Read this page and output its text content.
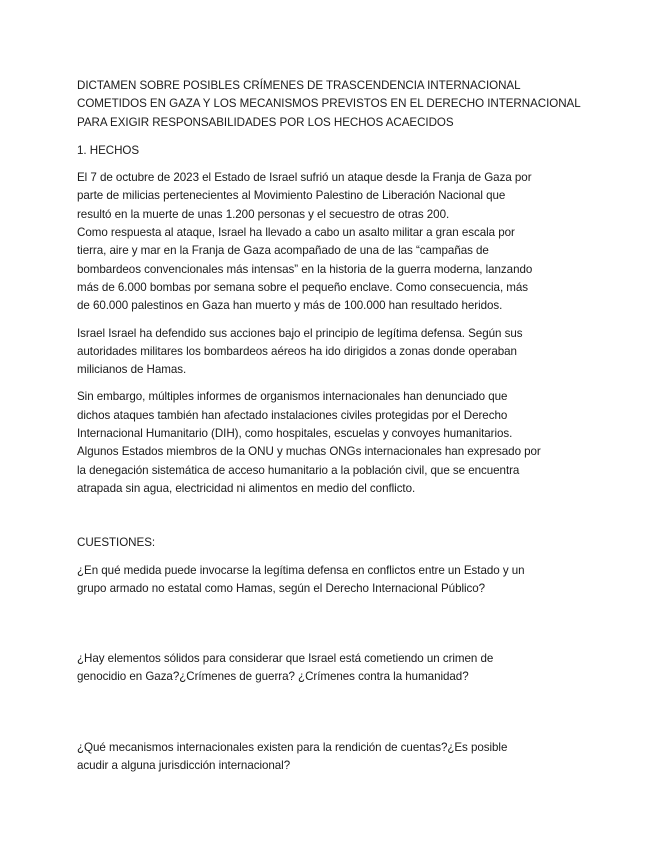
DICTAMEN SOBRE POSIBLES CRÍMENES DE TRASCENDENCIA INTERNACIONAL
COMETIDOS EN GAZA Y LOS MECANISMOS PREVISTOS EN EL DERECHO INTERNACIONAL
PARA EXIGIR RESPONSABILIDADES POR LOS HECHOS ACAECIDOS
1. HECHOS
El 7 de octubre de 2023 el Estado de Israel sufrió un ataque desde la Franja de Gaza por
parte de milicias pertenecientes al Movimiento Palestino de Liberación Nacional que
resultó en la muerte de unas 1.200 personas y el secuestro de otras 200.
Como respuesta al ataque, Israel ha llevado a cabo un asalto militar a gran escala por
tierra, aire y mar en la Franja de Gaza acompañado de una de las “campañas de
bombardeos convencionales más intensas” en la historia de la guerra moderna, lanzando
más de 6.000 bombas por semana sobre el pequeño enclave. Como consecuencia, más
de 60.000 palestinos en Gaza han muerto y más de 100.000 han resultado heridos.
Israel Israel ha defendido sus acciones bajo el principio de legítima defensa. Según sus
autoridades militares los bombardeos aéreos ha ido dirigidos a zonas donde operaban
milicianos de Hamas.
Sin embargo, múltiples informes de organismos internacionales han denunciado que
dichos ataques también han afectado instalaciones civiles protegidas por el Derecho
Internacional Humanitario (DIH), como hospitales, escuelas y convoyes humanitarios.
Algunos Estados miembros de la ONU y muchas ONGs internacionales han expresado por
la denegación sistemática de acceso humanitario a la población civil, que se encuentra
atrapada sin agua, electricidad ni alimentos en medio del conflicto.
CUESTIONES:
¿En qué medida puede invocarse la legítima defensa en conflictos entre un Estado y un
grupo armado no estatal como Hamas, según el Derecho Internacional Público?
¿Hay elementos sólidos para considerar que Israel está cometiendo un crimen de
genocidio en Gaza?¿Crímenes de guerra? ¿Crímenes contra la humanidad?
¿Qué mecanismos internacionales existen para la rendición de cuentas?¿Es posible
acudir a alguna jurisdicción internacional?
